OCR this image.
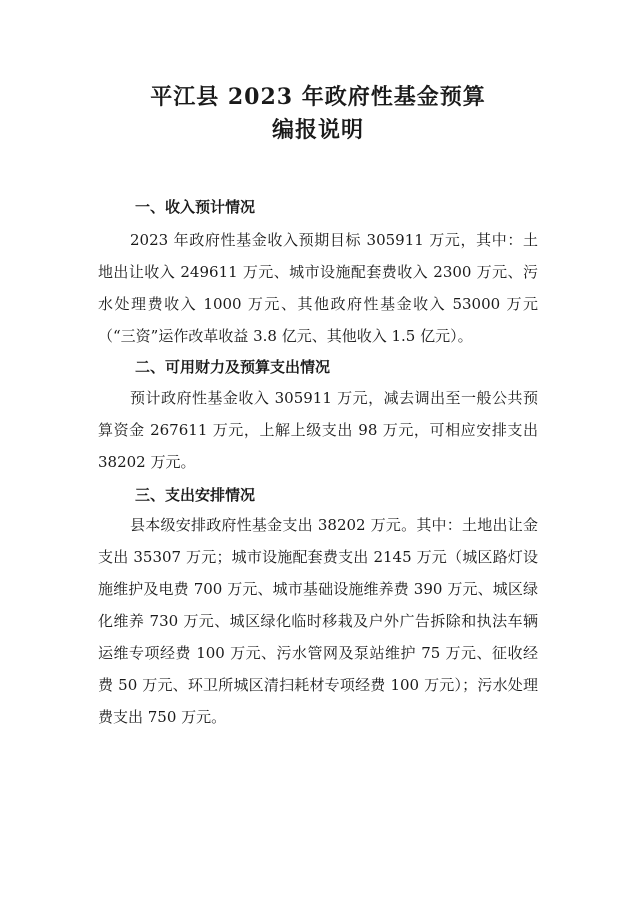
平江县 2023 年政府性基金预算
编报说明
一、收入预计情况

2023 年政府性基金收入预期目标 305911 万元，其中：土地出让收入 249611 万元、城市设施配套费收入 2300 万元、污水处理费收入 1000 万元、其他政府性基金收入 53000 万元（“三资”运作改革收益 3.8 亿元、其他收入 1.5 亿元）。

二、可用财力及预算支出情况

预计政府性基金收入 305911 万元，减去调出至一般公共预算资金 267611 万元，上解上级支出 98 万元，可相应安排支出 38202 万元。

三、支出安排情况

县本级安排政府性基金支出 38202 万元。其中：土地出让金支出 35307 万元；城市设施配套费支出 2145 万元（城区路灯设施维护及电费 700 万元、城市基础设施维养费 390 万元、城区绿化维养 730 万元、城区绿化临时移栽及户外广告拆除和执法车辆运维专项经费 100 万元、污水管网及泵站维护 75 万元、征收经费 50 万元、环卫所城区清扫耗材专项经费 100 万元）；污水处理费支出 750 万元。
